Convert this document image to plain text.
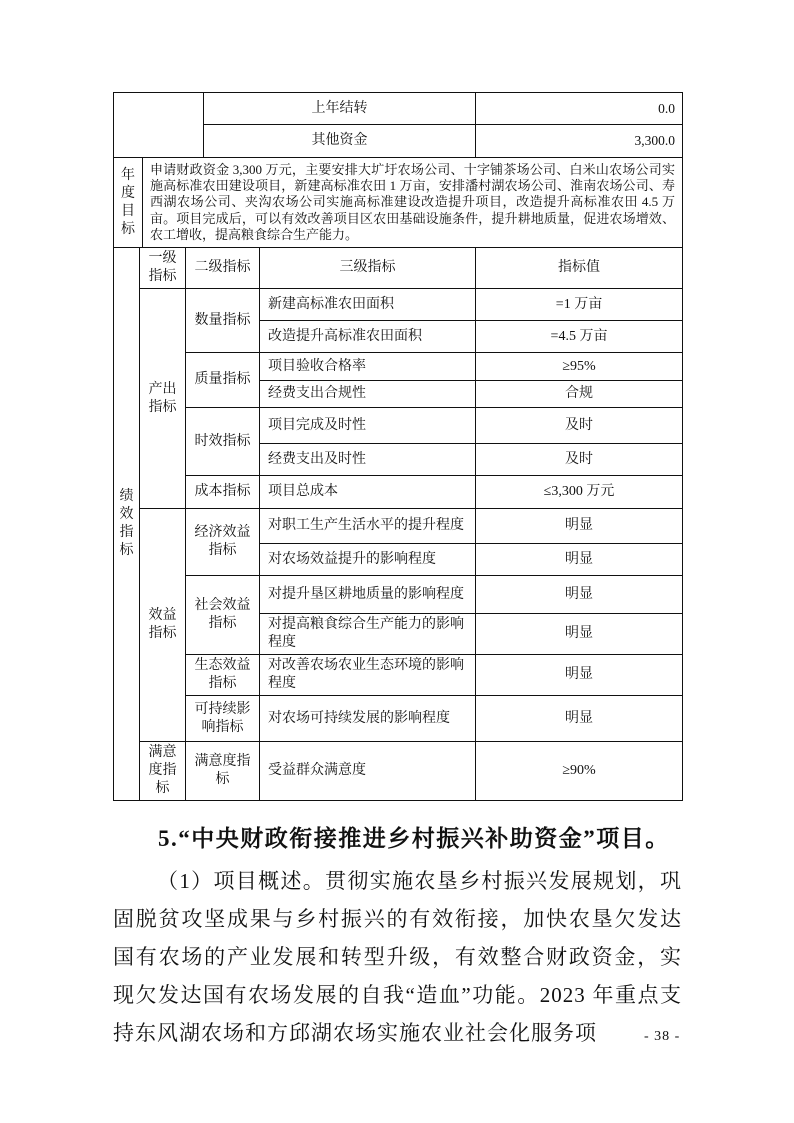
	上年结转	0.0
	其他资金	3,300.0
年度目标	申请财政资金 3,300 万元，主要安排大圹圩农场公司、十字铺茶场公司、白米山农场公司实施高标准农田建设项目，新建高标准农田 1 万亩，安排潘村湖农场公司、淮南农场公司、寿西湖农场公司、夹沟农场公司实施高标准建设改造提升项目，改造提升高标准农田 4.5 万亩。项目完成后，可以有效改善项目区农田基础设施条件，提升耕地质量，促进农场增效、农工增收，提高粮食综合生产能力。
绩效指标	一级指标	二级指标	三级指标	指标值
	产出指标	数量指标	新建高标准农田面积	=1 万亩
			改造提升高标准农田面积	=4.5 万亩
		质量指标	项目验收合格率	≥95%
			经费支出合规性	合规
		时效指标	项目完成及时性	及时
			经费支出及时性	及时
		成本指标	项目总成本	≤3,300 万元
	效益指标	经济效益指标	对职工生产生活水平的提升程度	明显
			对农场效益提升的影响程度	明显
		社会效益指标	对提升垦区耕地质量的影响程度	明显
			对提高粮食综合生产能力的影响程度	明显
		生态效益指标	对改善农场农业生态环境的影响程度	明显
		可持续影响指标	对农场可持续发展的影响程度	明显
	满意度指标	满意度指标	受益群众满意度	≥90%
5.“中央财政衔接推进乡村振兴补助资金”项目。
（1）项目概述。贯彻实施农垦乡村振兴发展规划，巩固脱贫攻坚成果与乡村振兴的有效衔接，加快农垦欠发达国有农场的产业发展和转型升级，有效整合财政资金，实现欠发达国有农场发展的自我“造血”功能。2023 年重点支持东风湖农场和方邱湖农场实施农业社会化服务项	- 38 -
